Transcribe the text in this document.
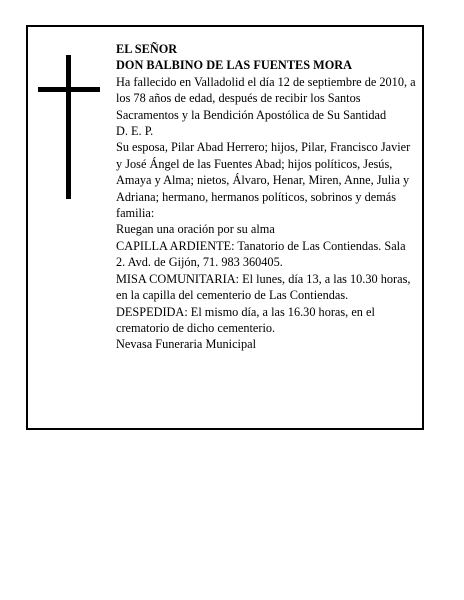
EL SEÑOR

DON BALBINO DE LAS FUENTES MORA

Ha fallecido en Valladolid el día 12 de septiembre de 2010, a los 78 años de edad, después de recibir los Santos Sacramentos y la Bendición Apostólica de Su Santidad

D. E. P.

Su esposa, Pilar Abad Herrero; hijos, Pilar, Francisco Javier y José Ángel de las Fuentes Abad; hijos políticos, Jesús, Amaya y Alma; nietos, Álvaro, Henar, Miren, Anne, Julia y Adriana; hermano, hermanos políticos, sobrinos y demás familia:

Ruegan una oración por su alma

CAPILLA ARDIENTE: Tanatorio de Las Contiendas. Sala 2. Avd. de Gijón, 71. 983 360405.

MISA COMUNITARIA: El lunes, día 13, a las 10.30 horas, en la capilla del cementerio de Las Contiendas.

DESPEDIDA: El mismo día, a las 16.30 horas, en el crematorio de dicho cementerio.

Nevasa Funeraria Municipal
